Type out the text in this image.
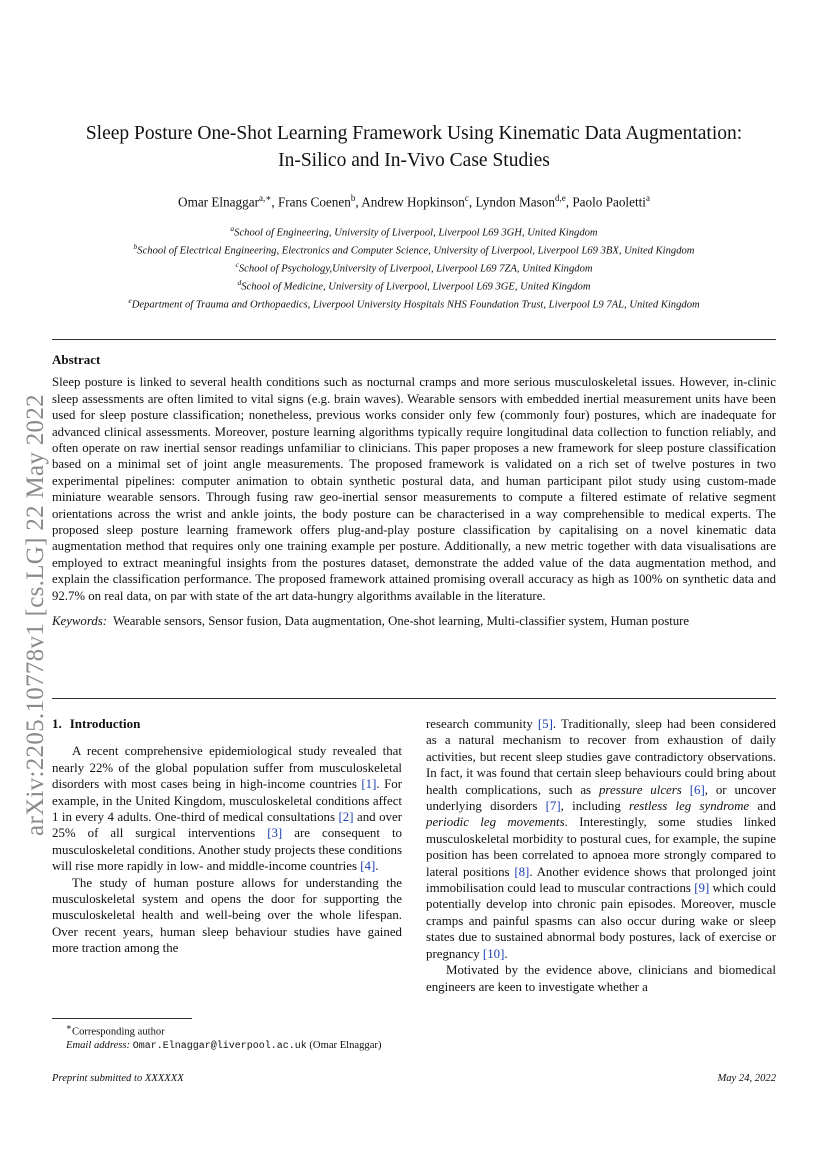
arXiv:2205.10778v1 [cs.LG] 22 May 2022
Sleep Posture One-Shot Learning Framework Using Kinematic Data Augmentation:
In-Silico and In-Vivo Case Studies
Omar Elnaggar$^{a,∗}$, Frans Coenen$^b$, Andrew Hopkinson$^c$, Lyndon Mason$^{d,e}$, Paolo Paoletti$^a$
$^a$School of Engineering, University of Liverpool, Liverpool L69 3GH, United Kingdom
$^b$School of Electrical Engineering, Electronics and Computer Science, University of Liverpool, Liverpool L69 3BX, United Kingdom
$^c$School of Psychology,University of Liverpool, Liverpool L69 7ZA, United Kingdom
$^d$School of Medicine, University of Liverpool, Liverpool L69 3GE, United Kingdom
$^e$Department of Trauma and Orthopaedics, Liverpool University Hospitals NHS Foundation Trust, Liverpool L9 7AL, United Kingdom
Abstract

Sleep posture is linked to several health conditions such as nocturnal cramps and more serious musculoskeletal issues. However, in-clinic sleep assessments are often limited to vital signs (e.g. brain waves). Wearable sensors with embedded inertial measurement units have been used for sleep posture classification; nonetheless, previous works consider only few (commonly four) postures, which are inadequate for advanced clinical assessments. Moreover, posture learning algorithms typically require longitudinal data collection to function reliably, and often operate on raw inertial sensor readings unfamiliar to clinicians. This paper proposes a new framework for sleep posture classification based on a minimal set of joint angle measurements. The proposed framework is validated on a rich set of twelve postures in two experimental pipelines: computer animation to obtain synthetic postural data, and human participant pilot study using custom-made miniature wearable sensors. Through fusing raw geo-inertial sensor measurements to compute a filtered estimate of relative segment orientations across the wrist and ankle joints, the body posture can be characterised in a way comprehensible to medical experts. The proposed sleep posture learning framework offers plug-and-play posture classification by capitalising on a novel kinematic data augmentation method that requires only one training example per posture. Additionally, a new metric together with data visualisations are employed to extract meaningful insights from the postures dataset, demonstrate the added value of the data augmentation method, and explain the classification performance. The proposed framework attained promising overall accuracy as high as 100% on synthetic data and 92.7% on real data, on par with state of the art data-hungry algorithms available in the literature.

Keywords: Wearable sensors, Sensor fusion, Data augmentation, One-shot learning, Multi-classifier system, Human posture

1. Introduction

A recent comprehensive epidemiological study revealed that nearly 22% of the global population suffer from musculoskeletal disorders with most cases being in high-income countries [1]. For example, in the United Kingdom, musculoskeletal conditions affect 1 in every 4 adults. One-third of medical consultations [2] and over 25% of all surgical interventions [3] are consequent to musculoskeletal conditions. Another study projects these conditions will rise more rapidly in low- and middle-income countries [4].

The study of human posture allows for understanding the musculoskeletal system and opens the door for supporting the musculoskeletal health and well-being over the whole lifespan. Over recent years, human sleep behaviour studies have gained more traction among the

research community [5]. Traditionally, sleep had been considered as a natural mechanism to recover from exhaustion of daily activities, but recent sleep studies gave contradictory observations. In fact, it was found that certain sleep behaviours could bring about health complications, such as pressure ulcers [6], or uncover underlying disorders [7], including restless leg syndrome and periodic leg movements. Interestingly, some studies linked musculoskeletal morbidity to postural cues, for example, the supine position has been correlated to apnoea more strongly compared to lateral positions [8]. Another evidence shows that prolonged joint immobilisation could lead to muscular contractions [9] which could potentially develop into chronic pain episodes. Moreover, muscle cramps and painful spasms can also occur during wake or sleep states due to sustained abnormal body postures, lack of exercise or pregnancy [10].

Motivated by the evidence above, clinicians and biomedical engineers are keen to investigate whether a

∗Corresponding author
Email address: Omar.Elnaggar@liverpool.ac.uk (Omar Elnaggar)
Preprint submitted to XXXXXX	May 24, 2022
